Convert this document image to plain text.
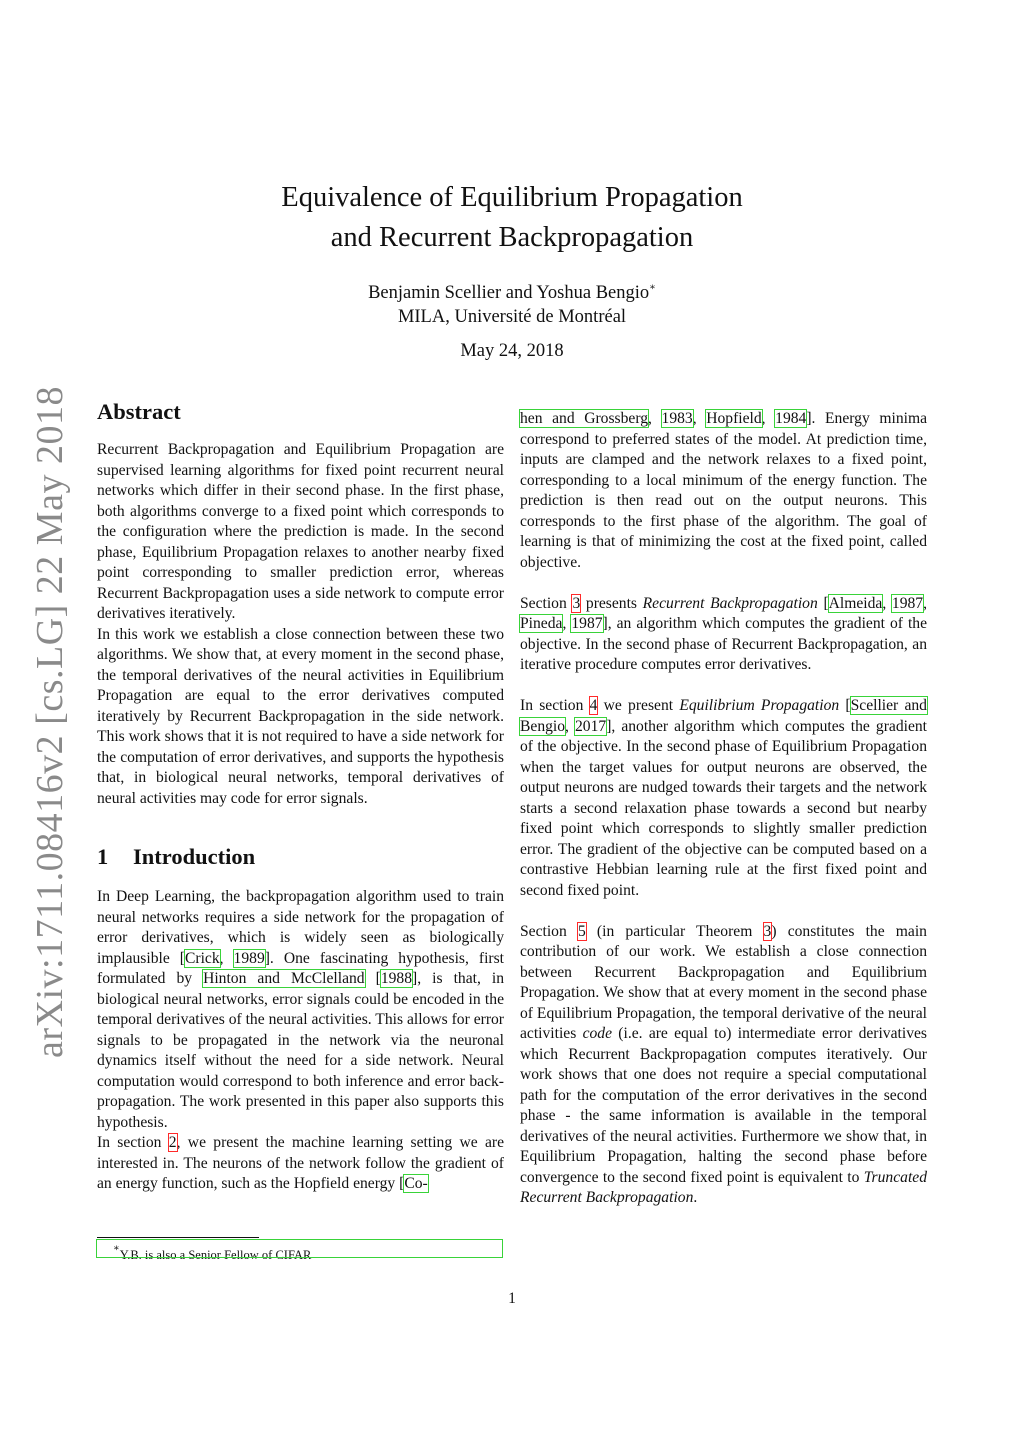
arXiv:1711.08416v2 [cs.LG] 22 May 2018
Equivalence of Equilibrium Propagation
and Recurrent Backpropagation
Benjamin Scellier and Yoshua Bengio∗
MILA, Université de Montréal
May 24, 2018
Abstract

Recurrent Backpropagation and Equilibrium Propagation are supervised learning algorithms for fixed point recurrent neural networks which differ in their second phase. In the first phase, both algorithms converge to a fixed point which corresponds to the configuration where the prediction is made. In the second phase, Equilibrium Propagation relaxes to another nearby fixed point corresponding to smaller prediction error, whereas Recurrent Backpropagation uses a side network to compute error derivatives iteratively.

In this work we establish a close connection between these two algorithms. We show that, at every moment in the second phase, the temporal derivatives of the neural activities in Equilibrium Propagation are equal to the error derivatives computed iteratively by Recurrent Backpropagation in the side network. This work shows that it is not required to have a side network for the computation of error derivatives, and supports the hypothesis that, in biological neural networks, temporal derivatives of neural activities may code for error signals.

1 Introduction

In Deep Learning, the backpropagation algorithm used to train neural networks requires a side network for the propagation of error derivatives, which is widely seen as biologically implausible [Crick, 1989]. One fascinating hypothesis, first formulated by Hinton and McClelland [1988], is that, in biological neural networks, error signals could be encoded in the temporal derivatives of the neural activities. This allows for error signals to be propagated in the network via the neuronal dynamics itself without the need for a side network. Neural computation would correspond to both inference and error back-propagation. The work presented in this paper also supports this hypothesis.

In section 2, we present the machine learning setting we are interested in. The neurons of the network follow the gradient of an energy function, such as the Hopfield energy [Co-

hen and Grossberg, 1983, Hopfield, 1984]. Energy minima correspond to preferred states of the model. At prediction time, inputs are clamped and the network relaxes to a fixed point, corresponding to a local minimum of the energy function. The prediction is then read out on the output neurons. This corresponds to the first phase of the algorithm. The goal of learning is that of minimizing the cost at the fixed point, called objective.

Section 3 presents Recurrent Backpropagation [Almeida, 1987, Pineda, 1987], an algorithm which computes the gradient of the objective. In the second phase of Recurrent Backpropagation, an iterative procedure computes error derivatives.

In section 4 we present Equilibrium Propagation [Scellier and Bengio, 2017], another algorithm which computes the gradient of the objective. In the second phase of Equilibrium Propagation when the target values for output neurons are observed, the output neurons are nudged towards their targets and the network starts a second relaxation phase towards a second but nearby fixed point which corresponds to slightly smaller prediction error. The gradient of the objective can be computed based on a contrastive Hebbian learning rule at the first fixed point and second fixed point.

Section 5 (in particular Theorem 3) constitutes the main contribution of our work. We establish a close connection between Recurrent Backpropagation and Equilibrium Propagation. We show that at every moment in the second phase of Equilibrium Propagation, the temporal derivative of the neural activities code (i.e. are equal to) intermediate error derivatives which Recurrent Backpropagation computes iteratively. Our work shows that one does not require a special computational path for the computation of the error derivatives in the second phase - the same information is available in the temporal derivatives of the neural activities. Furthermore we show that, in Equilibrium Propagation, halting the second phase before convergence to the second fixed point is equivalent to Truncated Recurrent Backpropagation.

∗Y.B. is also a Senior Fellow of CIFAR
1
